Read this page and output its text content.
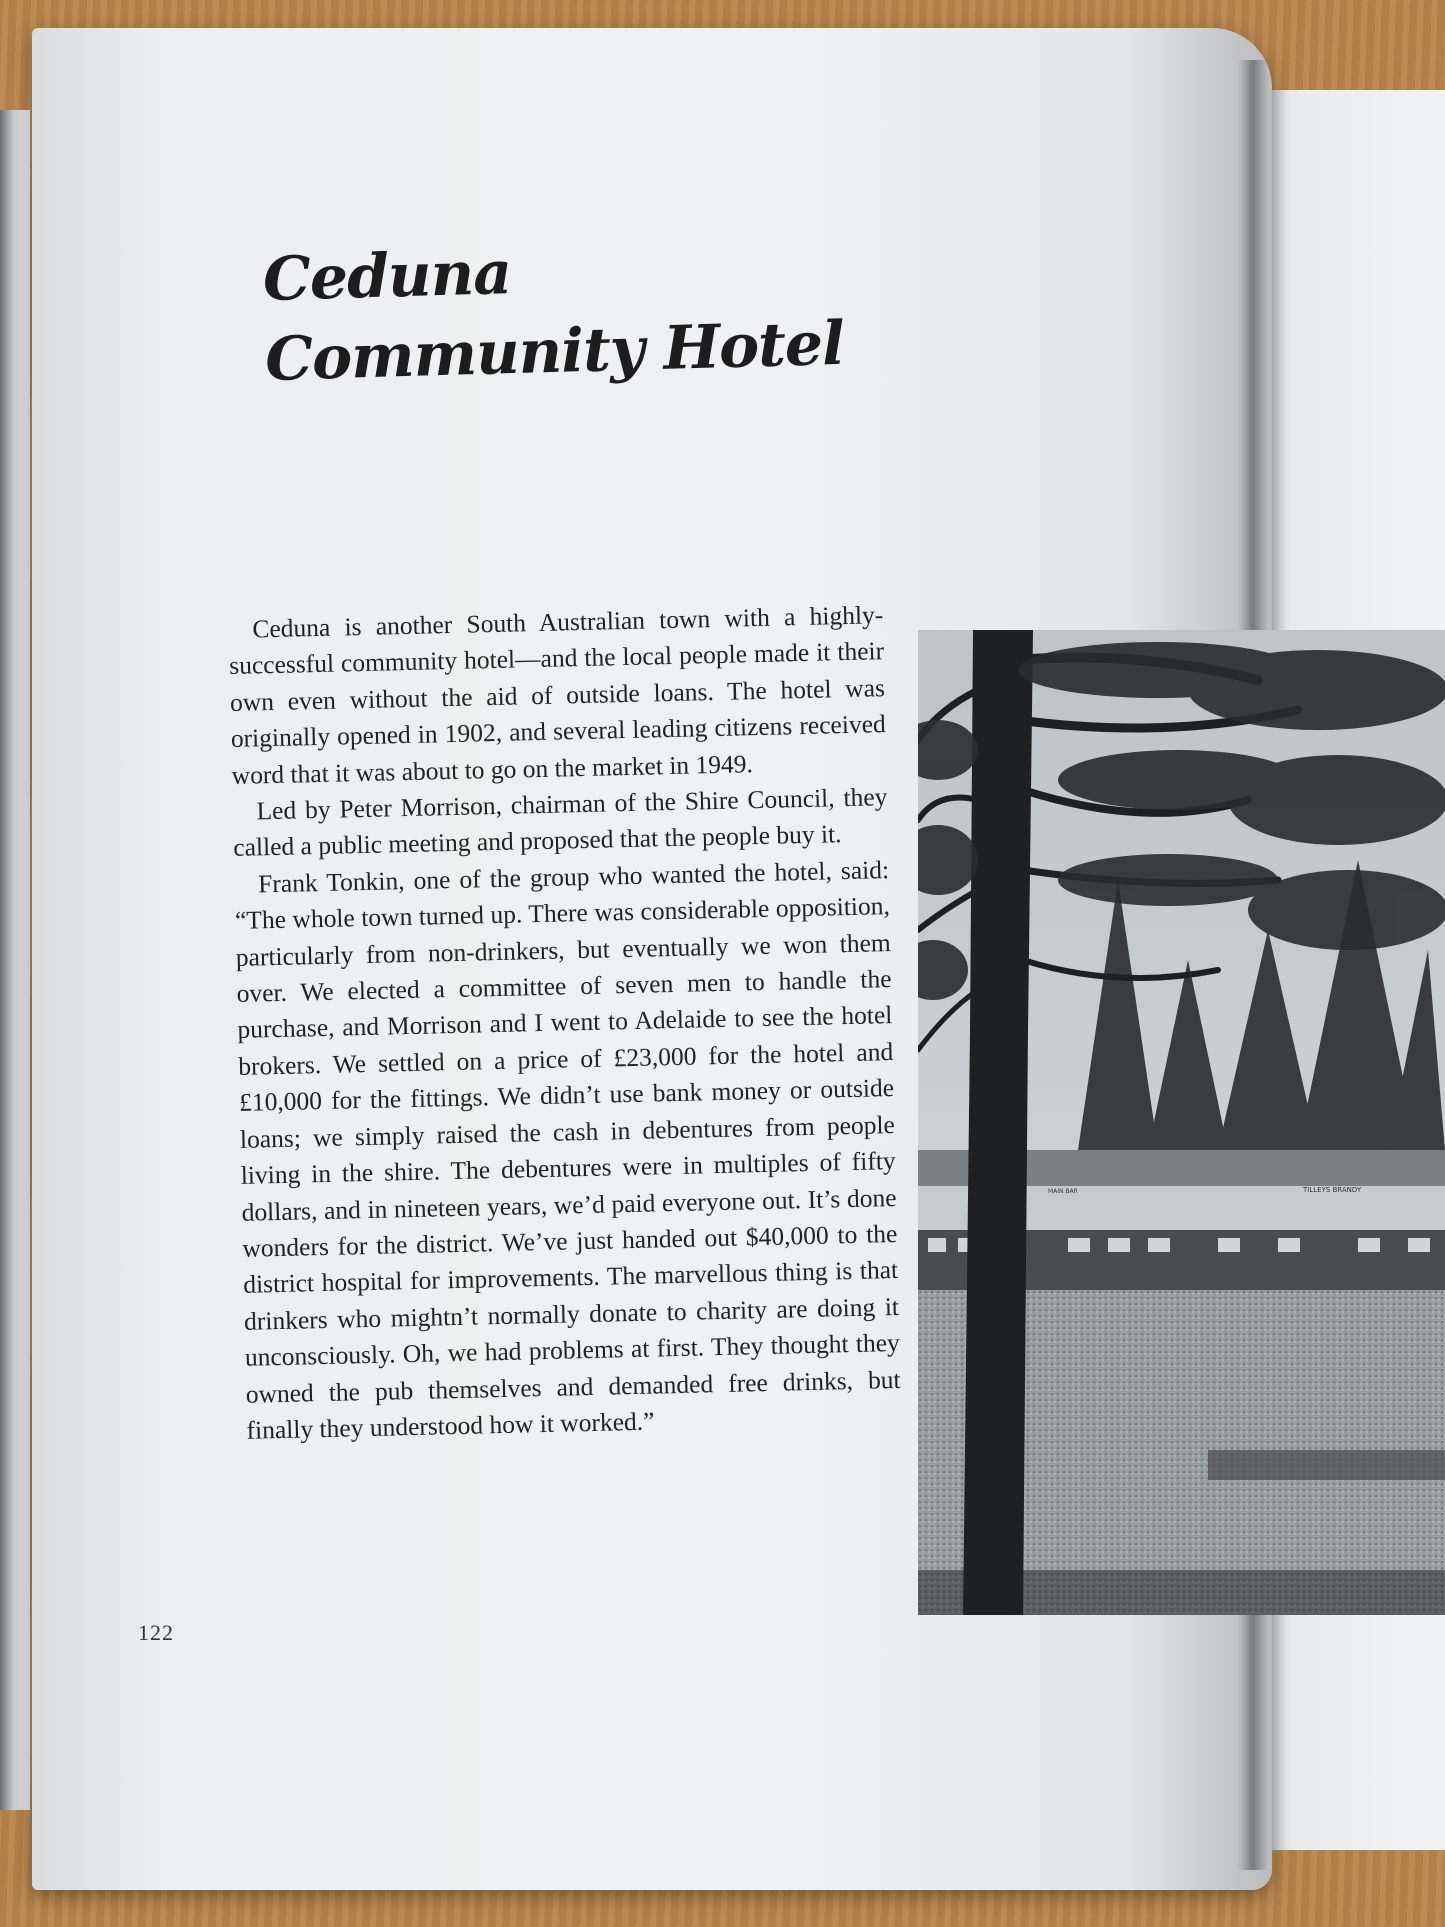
Ceduna
Community Hotel

Ceduna is another South Australian town with a highly-successful community hotel—and the local people made it their own even without the aid of outside loans. The hotel was originally opened in 1902, and several leading citizens received word that it was about to go on the market in 1949.

Led by Peter Morrison, chairman of the Shire Council, they called a public meeting and proposed that the people buy it.

Frank Tonkin, one of the group who wanted the hotel, said: “The whole town turned up. There was considerable opposition, particularly from non-drinkers, but eventually we won them over. We elected a committee of seven men to handle the purchase, and Morrison and I went to Adelaide to see the hotel brokers. We settled on a price of £23,000 for the hotel and £10,000 for the fittings. We didn’t use bank money or outside loans; we simply raised the cash in debentures from people living in the shire. The debentures were in multiples of fifty dollars, and in nineteen years, we’d paid everyone out. It’s done wonders for the district. We’ve just handed out $40,000 to the district hospital for improvements. The marvellous thing is that drinkers who mightn’t normally donate to charity are doing it unconsciously. Oh, we had problems at first. They thought they owned the pub themselves and demanded free drinks, but finally they understood how it worked.”

122
MAIN BAR	TILLEYS BRANDY
